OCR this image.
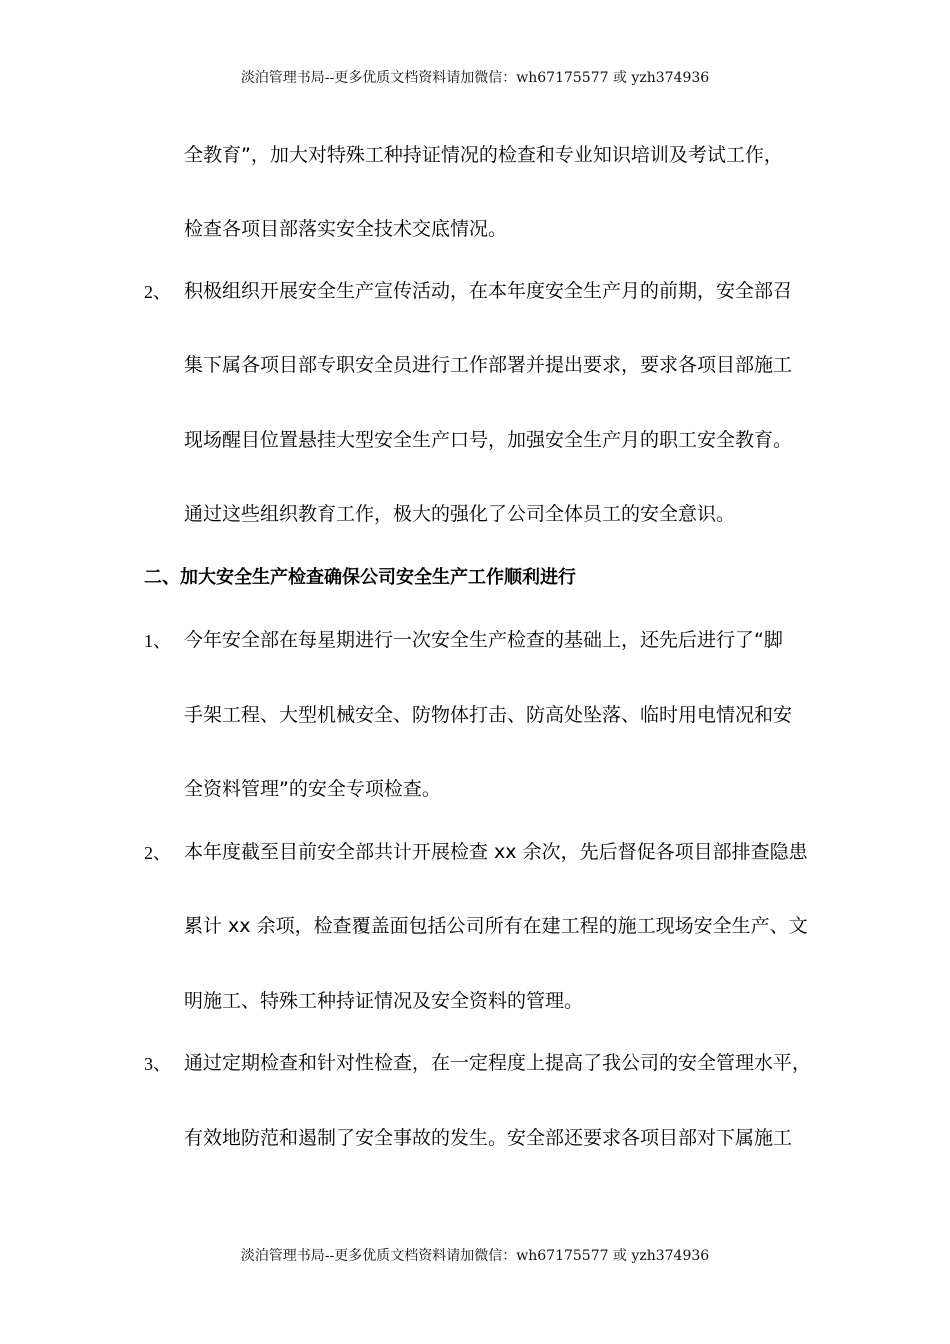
淡泊管理书局--更多优质文档资料请加微信：wh67175577 或 yzh374936
全教育”，加大对特殊工种持证情况的检查和专业知识培训及考试工作，
检查各项目部落实安全技术交底情况。
2、 积极组织开展安全生产宣传活动，在本年度安全生产月的前期，安全部召
集下属各项目部专职安全员进行工作部署并提出要求，要求各项目部施工
现场醒目位置悬挂大型安全生产口号，加强安全生产月的职工安全教育。
通过这些组织教育工作，极大的强化了公司全体员工的安全意识。
二、加大安全生产检查确保公司安全生产工作顺利进行
1、 今年安全部在每星期进行一次安全生产检查的基础上，还先后进行了“脚
手架工程、大型机械安全、防物体打击、防高处坠落、临时用电情况和安
全资料管理”的安全专项检查。
2、 本年度截至目前安全部共计开展检查 xx 余次，先后督促各项目部排查隐患
累计 xx 余项，检查覆盖面包括公司所有在建工程的施工现场安全生产、文
明施工、特殊工种持证情况及安全资料的管理。
3、 通过定期检查和针对性检查，在一定程度上提高了我公司的安全管理水平，
有效地防范和遏制了安全事故的发生。安全部还要求各项目部对下属施工
淡泊管理书局--更多优质文档资料请加微信：wh67175577 或 yzh374936
